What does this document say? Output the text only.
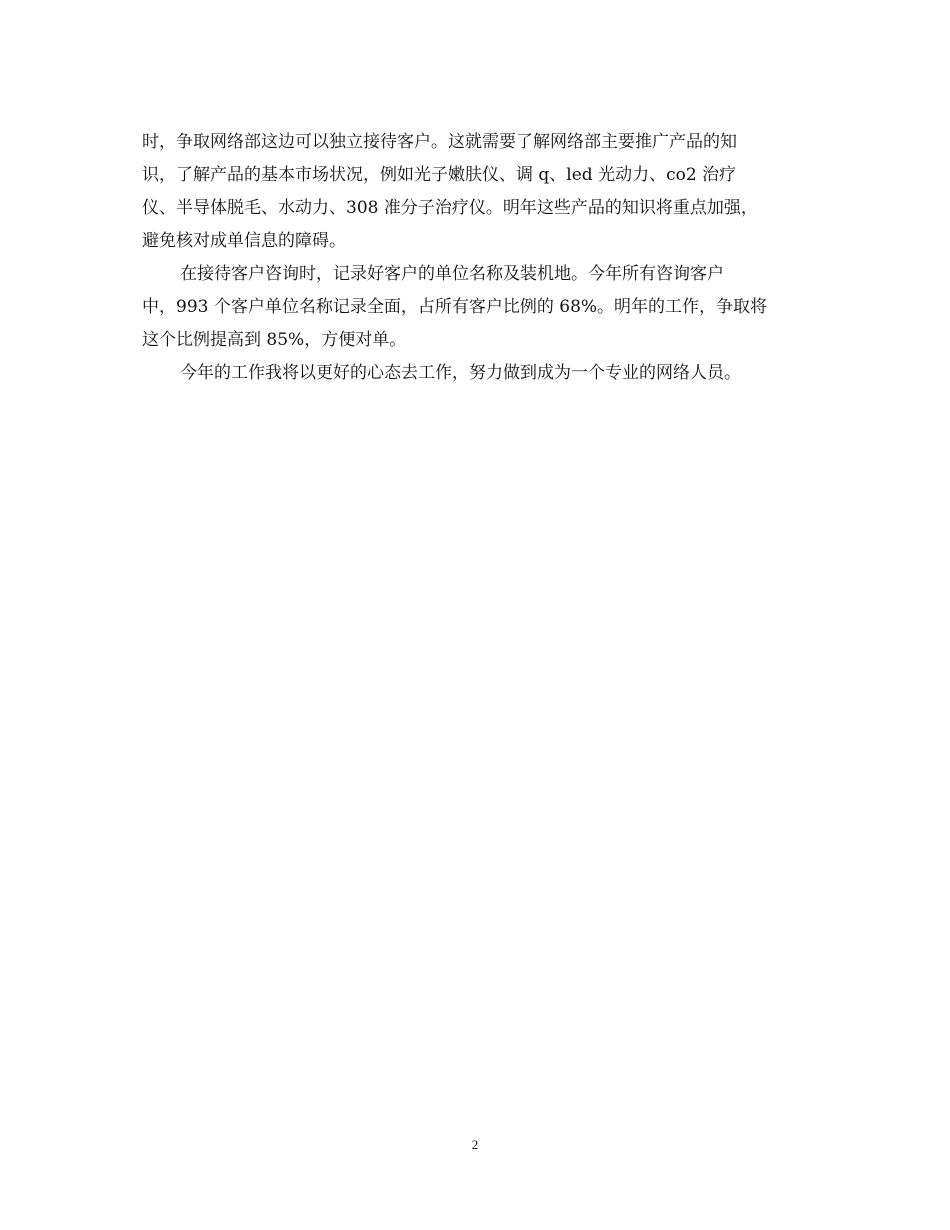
时，争取网络部这边可以独立接待客户。这就需要了解网络部主要推广产品的知
识，了解产品的基本市场状况，例如光子嫩肤仪、调 q、led 光动力、co2 治疗
仪、半导体脱毛、水动力、308 准分子治疗仪。明年这些产品的知识将重点加强，
避免核对成单信息的障碍。
在接待客户咨询时，记录好客户的单位名称及装机地。今年所有咨询客户
中，993 个客户单位名称记录全面，占所有客户比例的 68%。明年的工作，争取将
这个比例提高到 85%，方便对单。
今年的工作我将以更好的心态去工作，努力做到成为一个专业的网络人员。
2
